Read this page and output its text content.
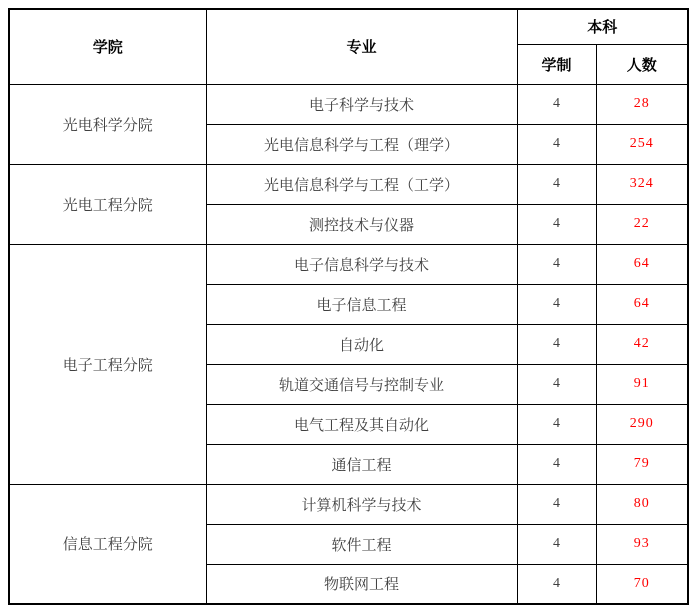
学院	专业	本科	
		学制	人数
光电科学分院	电子科学与技术	4	28
	光电信息科学与工程（理学）	4	254
光电工程分院	光电信息科学与工程（工学）	4	324
	测控技术与仪器	4	22
电子工程分院	电子信息科学与技术	4	64
	电子信息工程	4	64
	自动化	4	42
	轨道交通信号与控制专业	4	91
	电气工程及其自动化	4	290
	通信工程	4	79
信息工程分院	计算机科学与技术	4	80
	软件工程	4	93
	物联网工程	4	70
